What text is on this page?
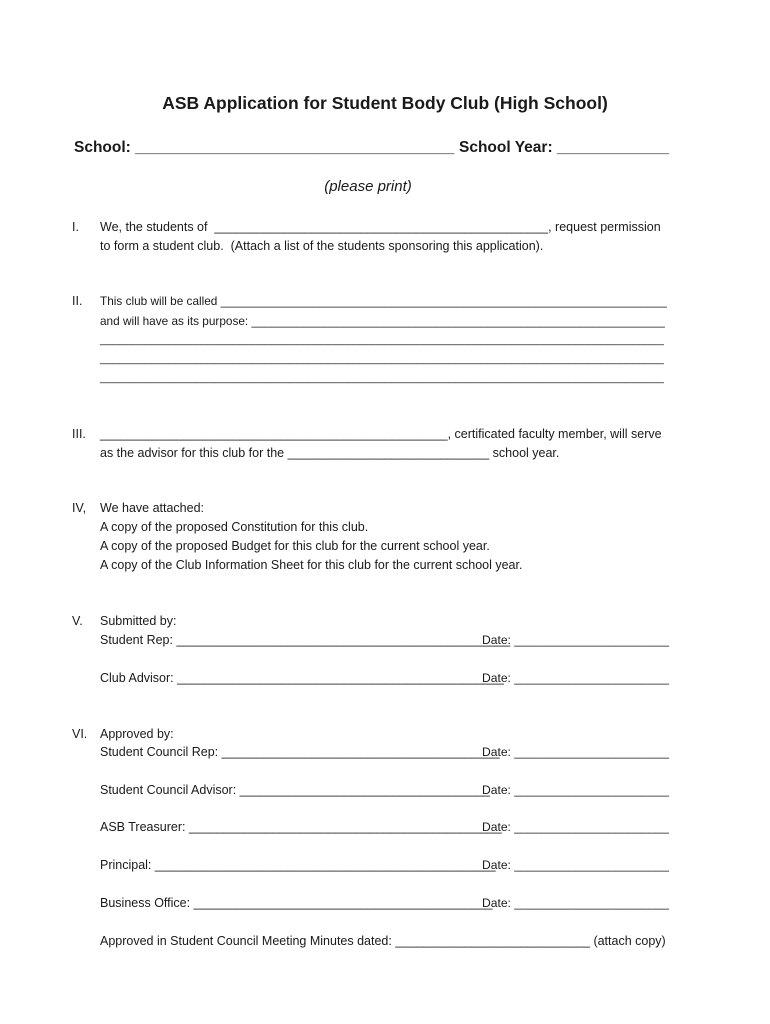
ASB Application for Student Body Club (High School)
School: _____________________________________ School Year: _____________
(please print)
I. We, the students of  ________________________________________________, request permission
to form a student club.  (Attach a list of the students sponsoring this application).
II. This club will be called ____________________________________________________________________
and will have as its purpose: _______________________________________________________________
_________________________________________________________________________________________
_________________________________________________________________________________________
_________________________________________________________________________________________
III. __________________________________________________, certificated faculty member, will serve
as the advisor for this club for the _____________________________ school year.
IV, We have attached:
A copy of the proposed Constitution for this club.
A copy of the proposed Budget for this club for the current school year.
A copy of the Club Information Sheet for this club for the current school year.
V. Submitted by:
Student Rep: ________________________________________________
Date: _______________________
Club Advisor: _______________________________________________
Date: _______________________
VI. Approved by:
Student Council Rep: ________________________________________
Date: _______________________
Student Council Advisor: ____________________________________
Date: _______________________
ASB Treasurer: _____________________________________________
Date: _______________________
Principal: _________________________________________________
Date: _______________________
Business Office: ___________________________________________
Date: _______________________
Approved in Student Council Meeting Minutes dated: ____________________________ (attach copy)
